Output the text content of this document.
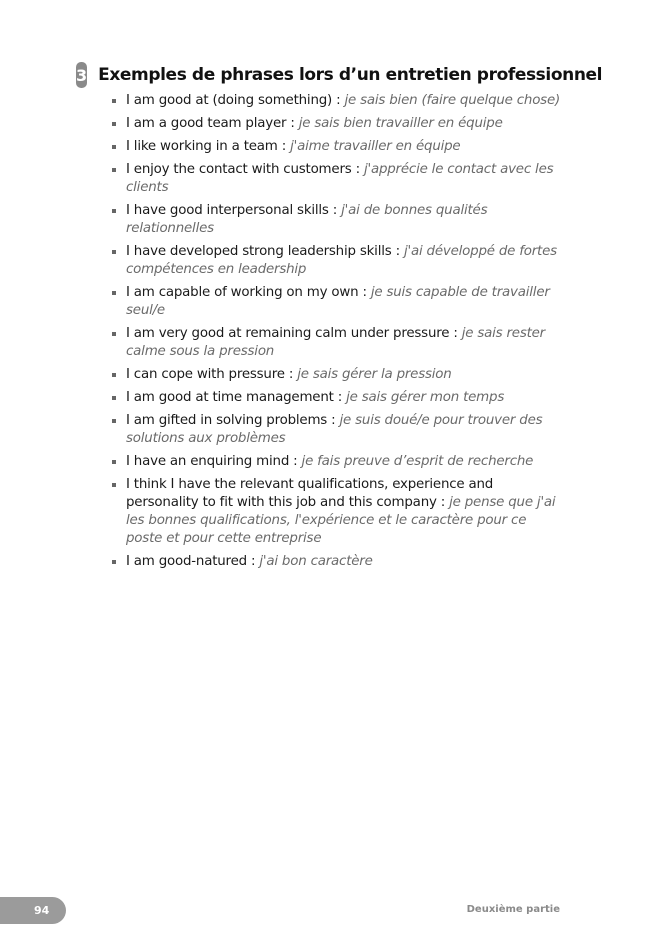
3 Exemples de phrases lors d’un entretien professionnel
I am good at (doing something) : je sais bien (faire quelque chose)
I am a good team player : je sais bien travailler en équipe
I like working in a team : j'aime travailler en équipe
I enjoy the contact with customers : j'apprécie le contact avec les clients
I have good interpersonal skills : j'ai de bonnes qualités relationnelles
I have developed strong leadership skills : j'ai développé de fortes compétences en leadership
I am capable of working on my own : je suis capable de travailler seul/e
I am very good at remaining calm under pressure : je sais rester calme sous la pression
I can cope with pressure : je sais gérer la pression
I am good at time management : je sais gérer mon temps
I am gifted in solving problems : je suis doué/e pour trouver des solutions aux problèmes
I have an enquiring mind : je fais preuve d’esprit de recherche
I think I have the relevant qualifications, experience and personality to fit with this job and this company : je pense que j'ai les bonnes qualifications, l'expérience et le caractère pour ce poste et pour cette entreprise
I am good-natured : j'ai bon caractère
94	Deuxième partie
